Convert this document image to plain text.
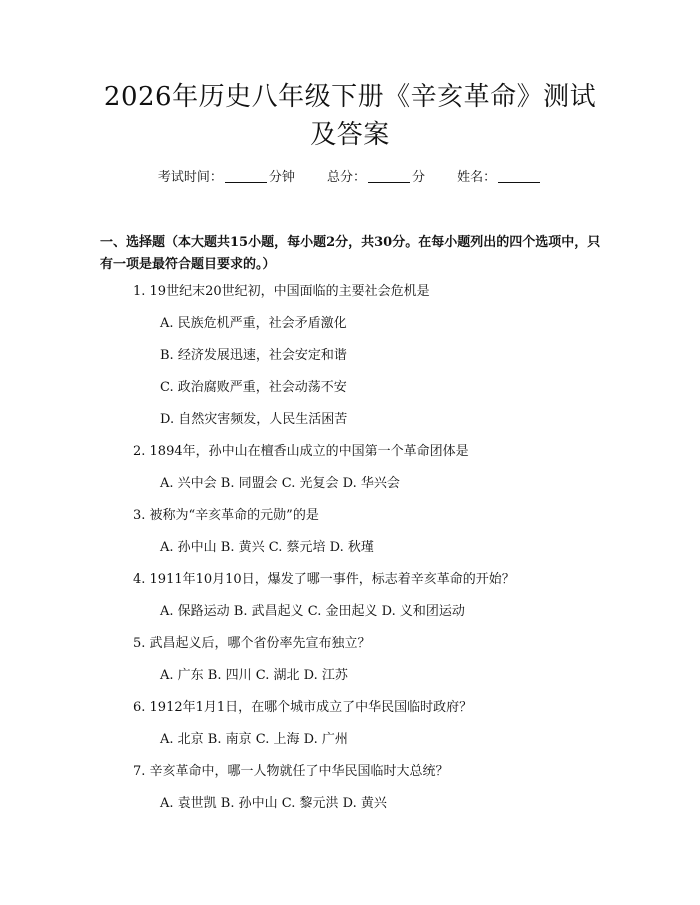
2026年历史八年级下册《辛亥革命》测试及答案
考试时间：	分钟 总分：	分 姓名：
一、选择题（本大题共15小题，每小题2分，共30分。在每小题列出的四个选项中，只有一项是最符合题目要求的。）
1. 19世纪末20世纪初，中国面临的主要社会危机是
A. 民族危机严重，社会矛盾激化
B. 经济发展迅速，社会安定和谐
C. 政治腐败严重，社会动荡不安
D. 自然灾害频发，人民生活困苦
2. 1894年，孙中山在檀香山成立的中国第一个革命团体是
A. 兴中会 B. 同盟会 C. 光复会 D. 华兴会
3. 被称为“辛亥革命的元勋”的是
A. 孙中山 B. 黄兴 C. 蔡元培 D. 秋瑾
4. 1911年10月10日，爆发了哪一事件，标志着辛亥革命的开始？
A. 保路运动 B. 武昌起义 C. 金田起义 D. 义和团运动
5. 武昌起义后，哪个省份率先宣布独立？
A. 广东 B. 四川 C. 湖北 D. 江苏
6. 1912年1月1日，在哪个城市成立了中华民国临时政府？
A. 北京 B. 南京 C. 上海 D. 广州
7. 辛亥革命中，哪一人物就任了中华民国临时大总统？
A. 袁世凯 B. 孙中山 C. 黎元洪 D. 黄兴
